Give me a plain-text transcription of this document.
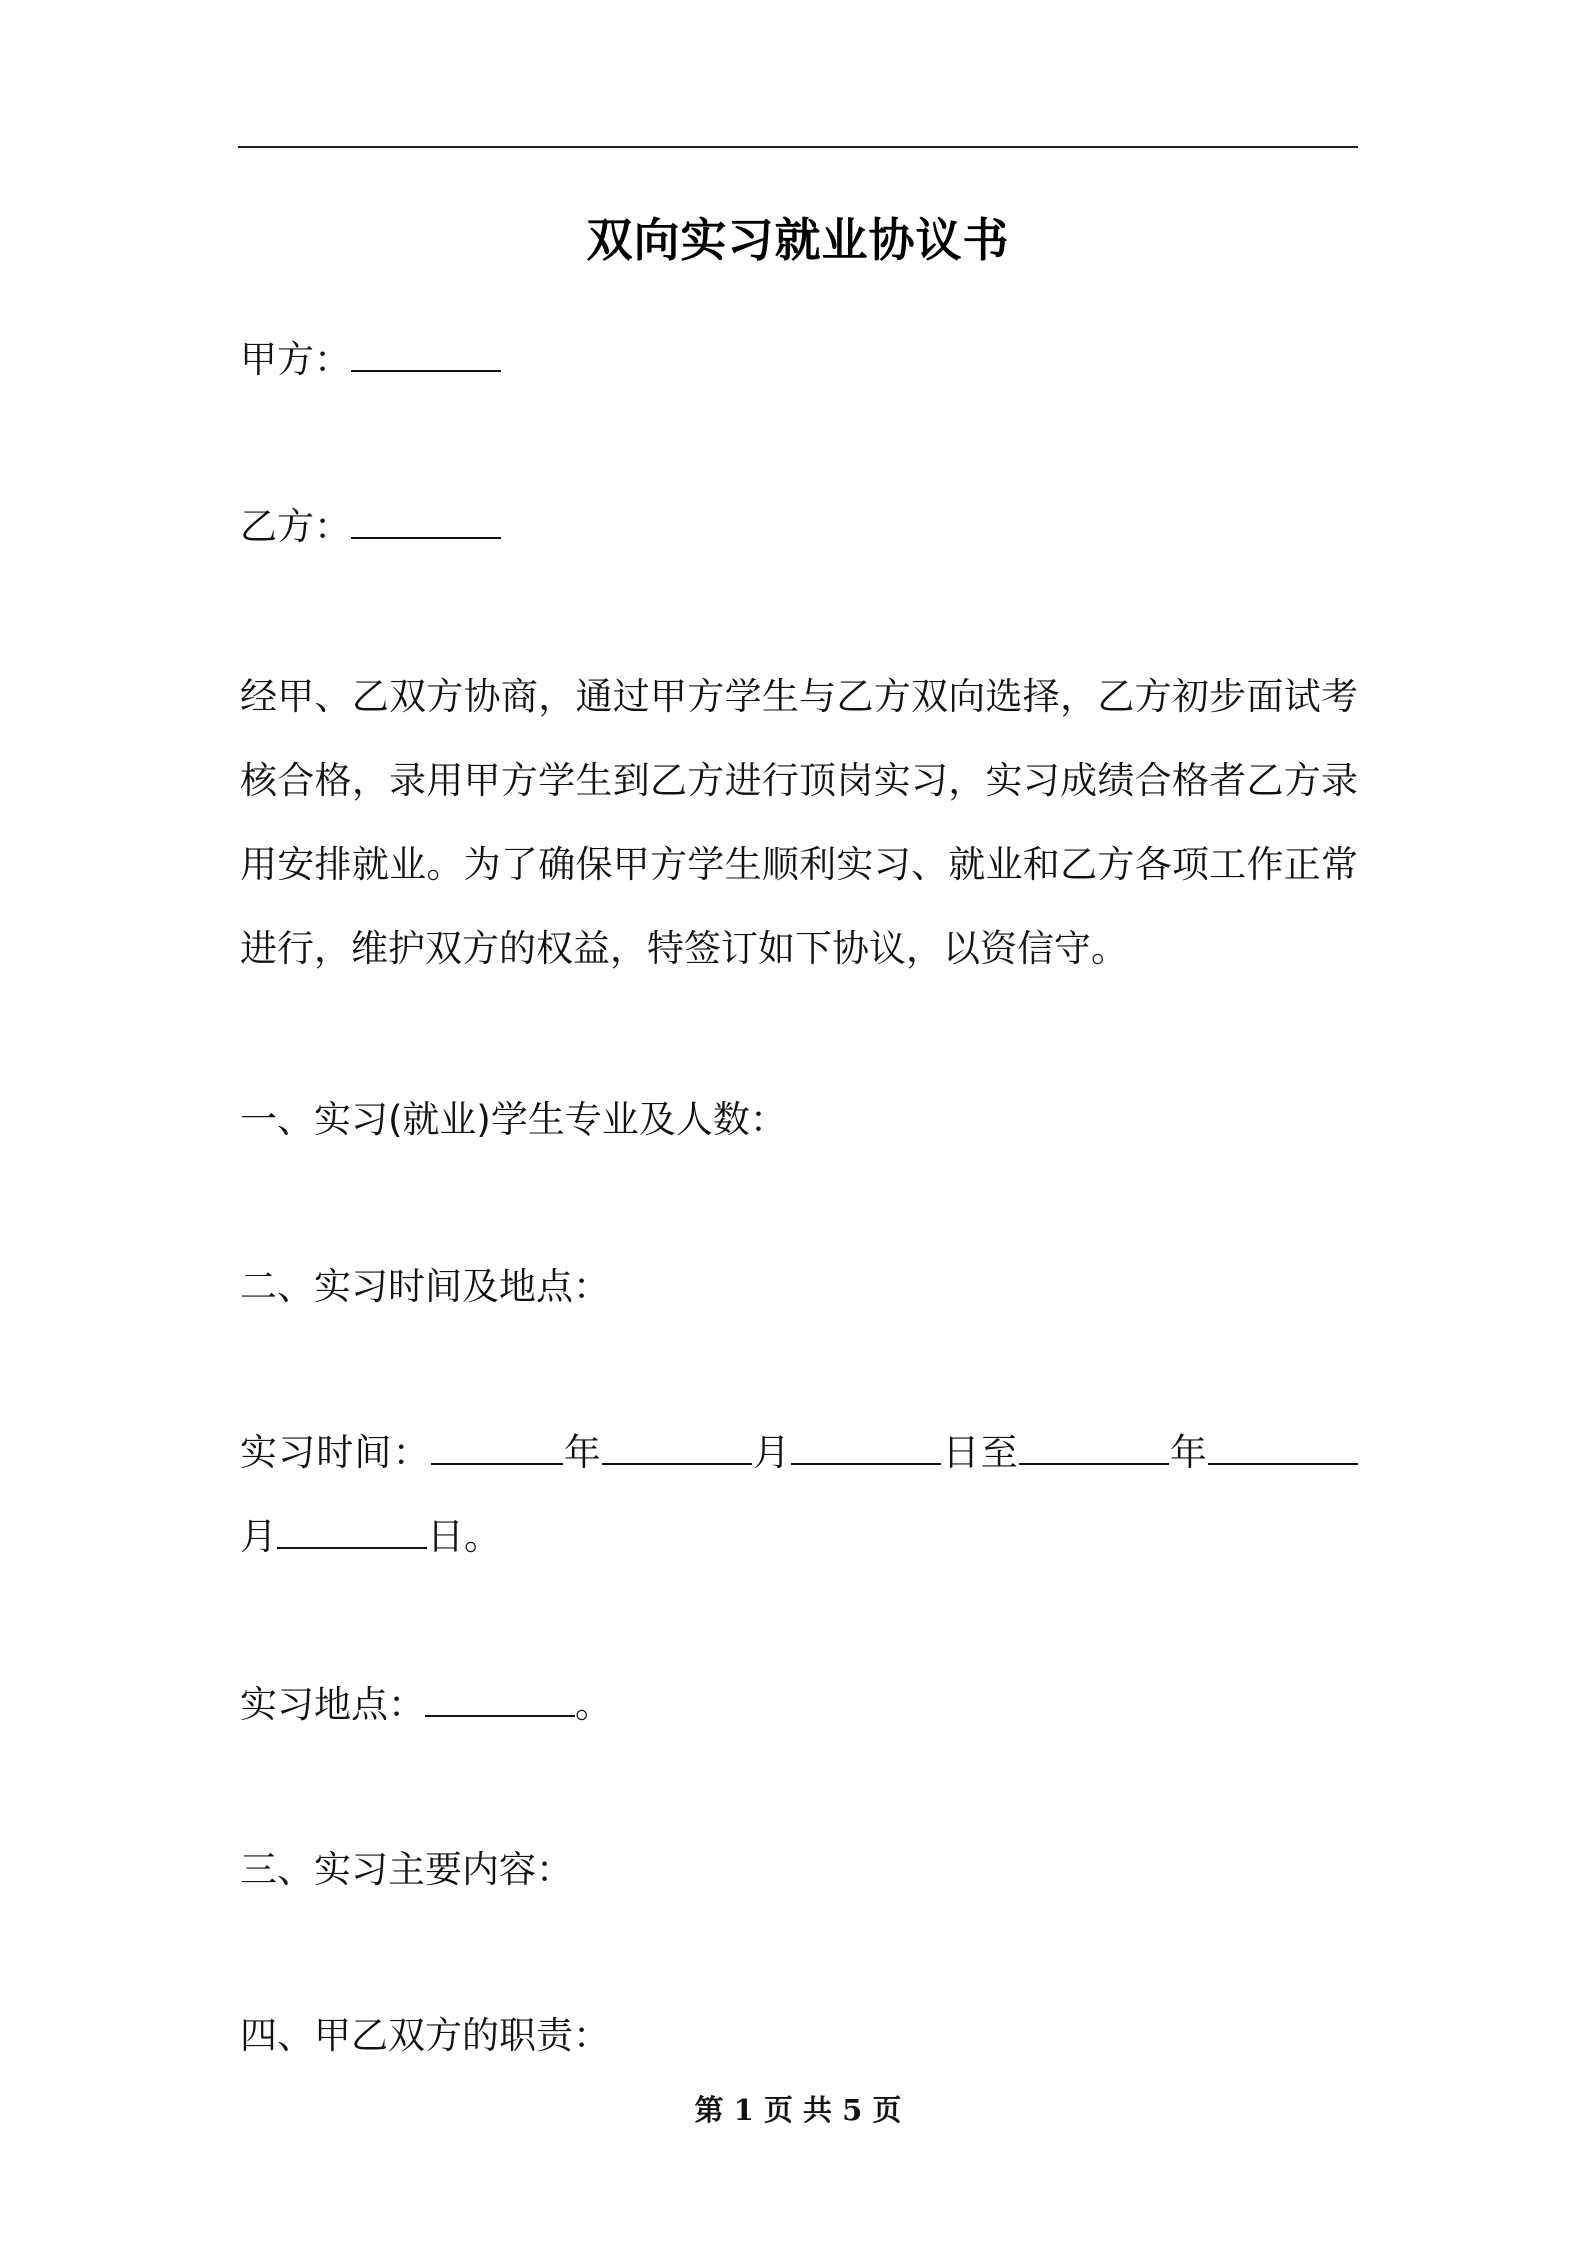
双向实习就业协议书
甲方：
乙方：
经甲、乙双方协商，通过甲方学生与乙方双向选择，乙方初步面试考
核合格，录用甲方学生到乙方进行顶岗实习，实习成绩合格者乙方录
用安排就业。为了确保甲方学生顺利实习、就业和乙方各项工作正常
进行，维护双方的权益，特签订如下协议，以资信守。
一、实习(就业)学生专业及人数：
二、实习时间及地点：
实习时间：	年	月	日至	年
月	日。
实习地点：	。
三、实习主要内容：
四、甲乙双方的职责：
第 1 页 共 5 页
